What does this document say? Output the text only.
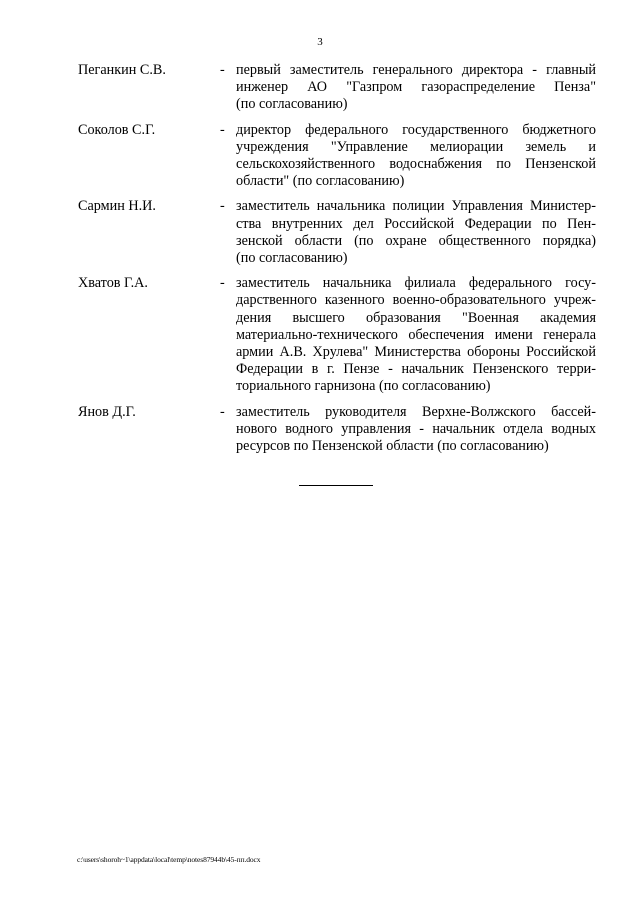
3
Пеганкин С.В.	- первый заместитель генерального директора - главный
инженер АО "Газпром газораспределение Пенза"
(по согласованию)
Соколов С.Г.	- директор федерального государственного бюджетного
учреждения "Управление мелиорации земель и
сельскохозяйственного водоснабжения по Пензенской
области" (по согласованию)
Сармин Н.И.	- заместитель начальника полиции Управления Министер-
ства внутренних дел Российской Федерации по Пен-
зенской области (по охране общественного порядка)
(по согласованию)
Хватов Г.А.	- заместитель начальника филиала федерального госу-
дарственного казенного военно-образовательного учреж-
дения высшего образования "Военная академия
материально-технического обеспечения имени генерала
армии А.В. Хрулева" Министерства обороны Российской
Федерации в г. Пензе - начальник Пензенского терри-
ториального гарнизона (по согласованию)
Янов Д.Г.	- заместитель руководителя Верхне-Волжского бассей-
нового водного управления - начальник отдела водных
ресурсов по Пензенской области (по согласованию)
c:\users\shoroh~1\appdata\local\temp\notes87944b\45-пп.docx
